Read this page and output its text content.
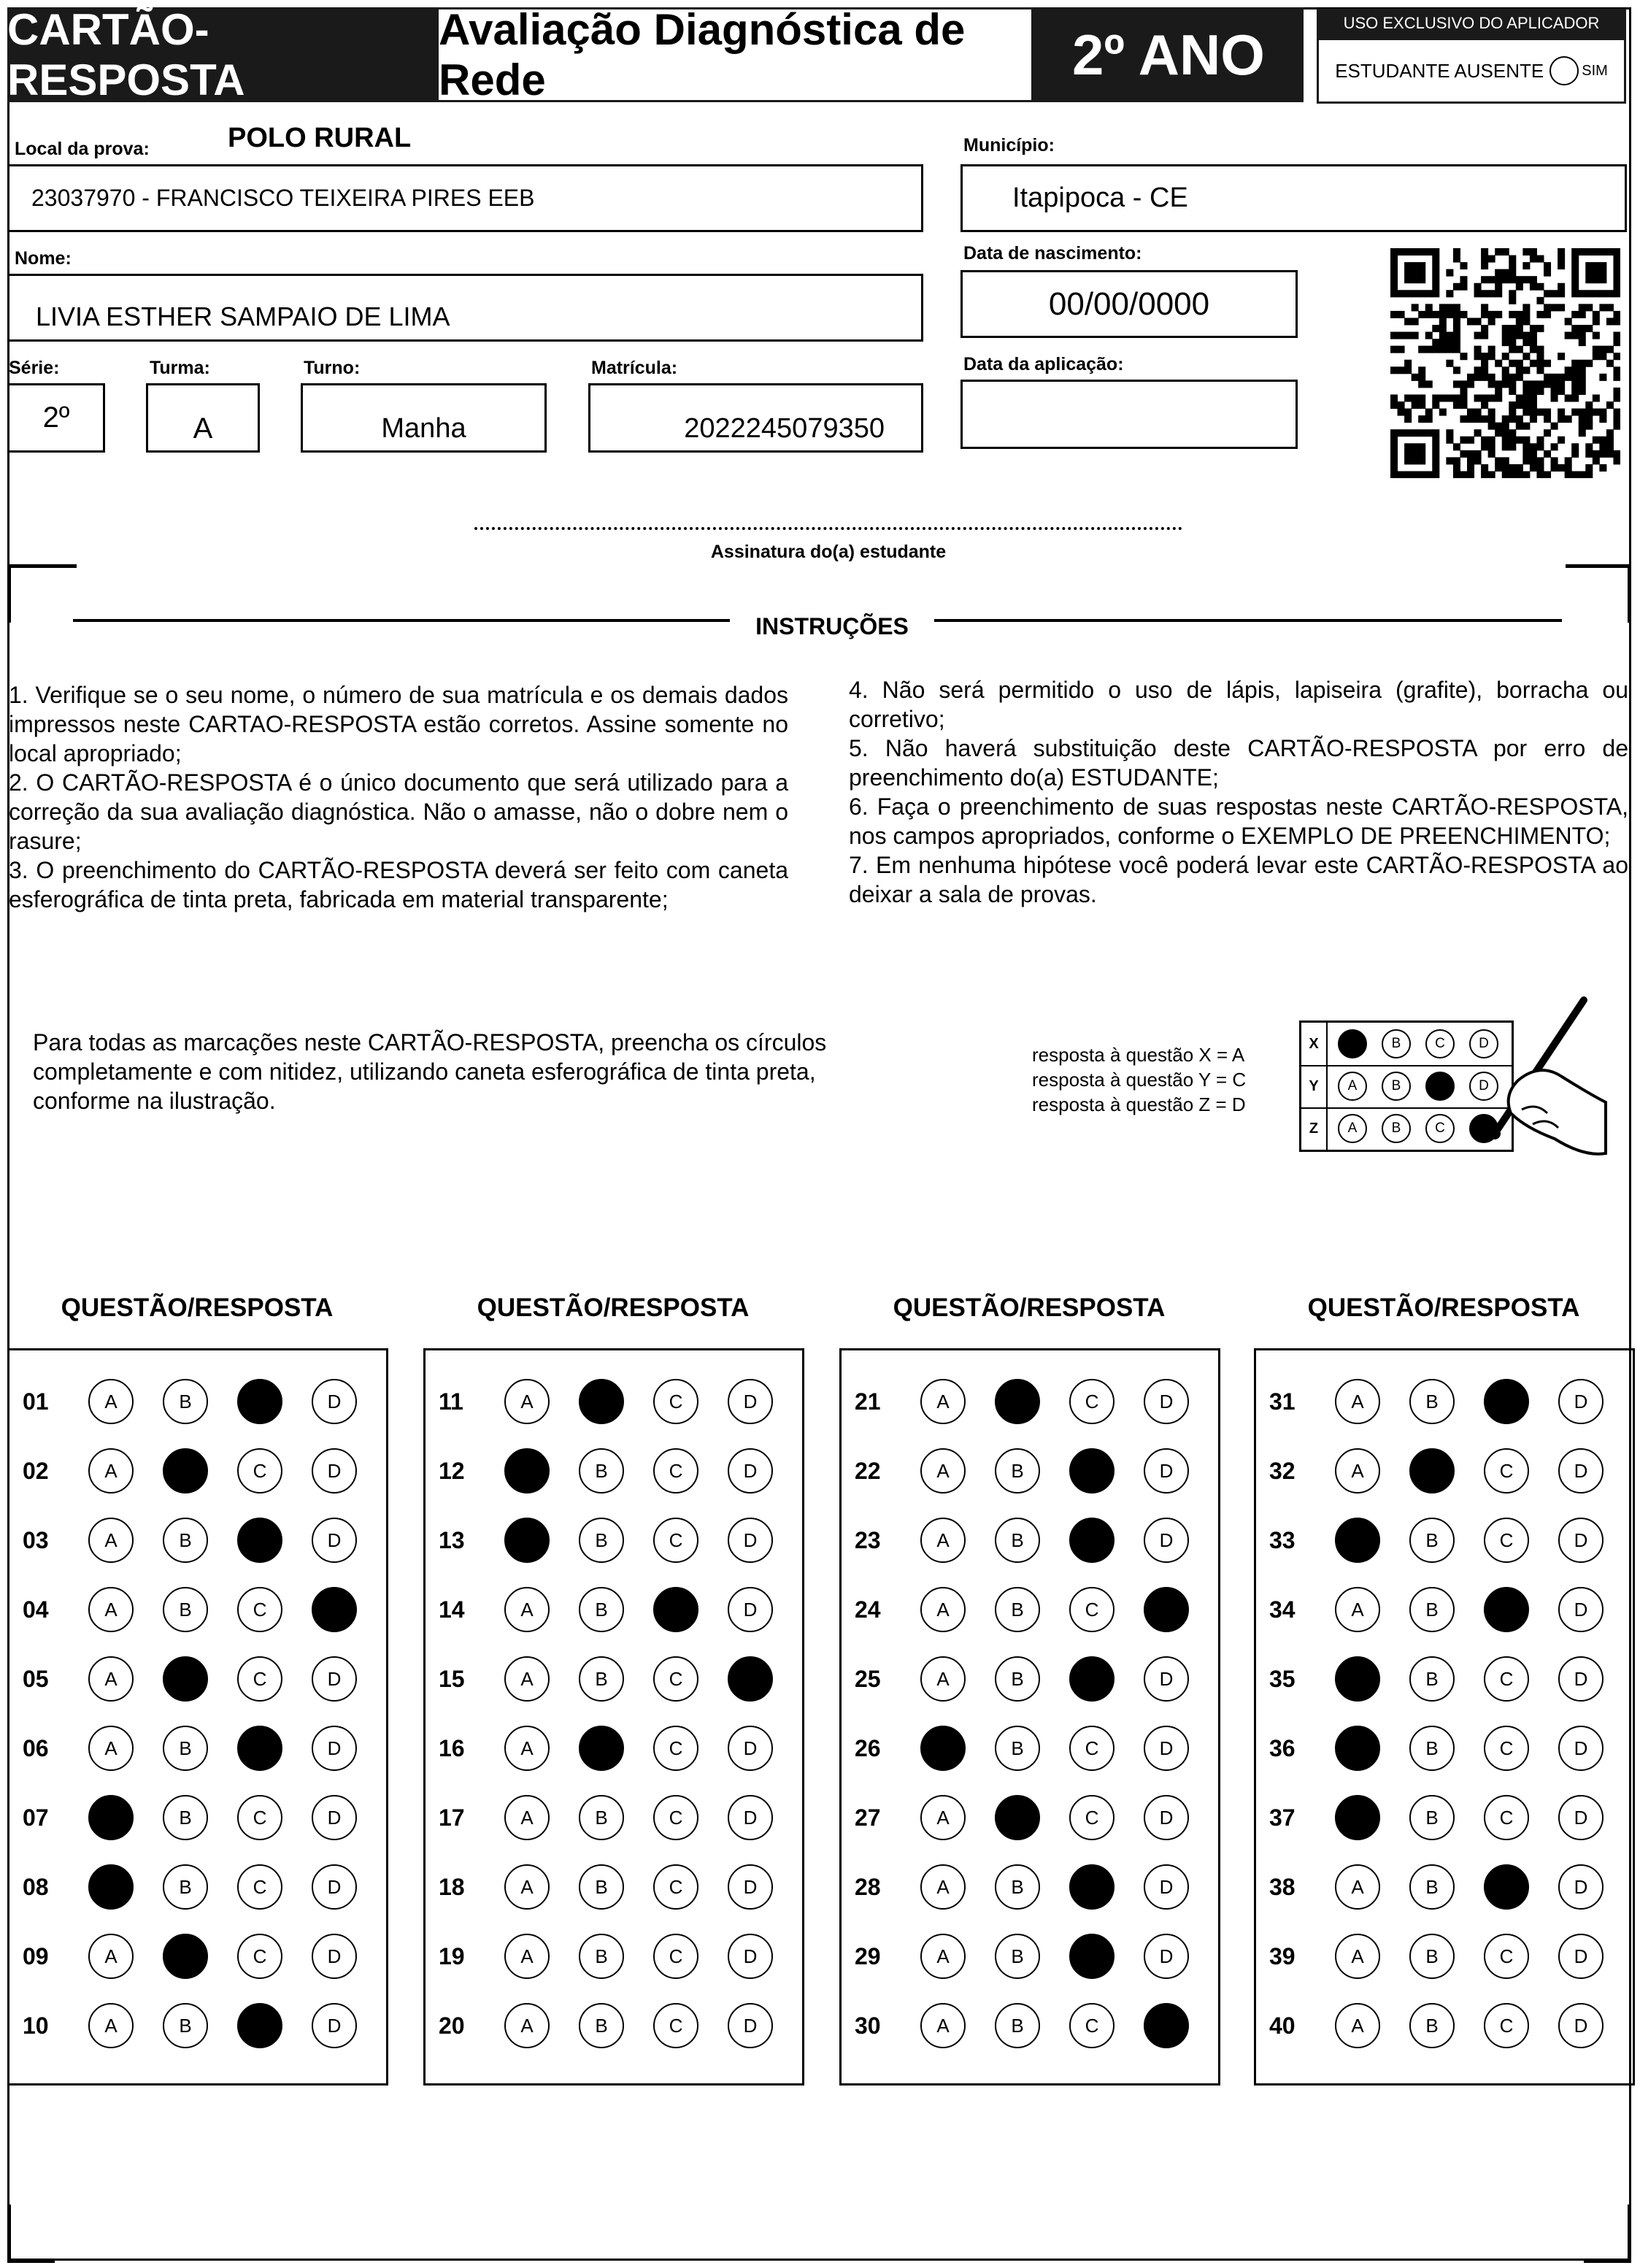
CARTÃO-RESPOSTA
Avaliação Diagnóstica de Rede	2º ANO	USO EXCLUSIVO DO APLICADOR
ESTUDANTE AUSENTE	SIM
Local da prova:	POLO RURAL
23037970 - FRANCISCO TEIXEIRA PIRES EEB
Município:
Itapipoca - CE
Nome:
LIVIA ESTHER SAMPAIO DE LIMA
Data de nascimento:
00/00/0000
Série:
2º
Turma:
A
Turno:
Manha
Matrícula:
2022245079350
Data da aplicação:
Assinatura do(a) estudante
INSTRUÇÕES
1. Verifique se o seu nome, o número de sua matrícula e os demais dados impressos neste CARTAO-RESPOSTA estão corretos. Assine somente no local apropriado;
2. O CARTÃO-RESPOSTA é o único documento que será utilizado para a correção da sua avaliação diagnóstica. Não o amasse, não o dobre nem o rasure;
3. O preenchimento do CARTÃO-RESPOSTA deverá ser feito com caneta esferográfica de tinta preta, fabricada em material transparente;
4. Não será permitido o uso de lápis, lapiseira (grafite), borracha ou corretivo;
5. Não haverá substituição deste CARTÃO-RESPOSTA por erro de preenchimento do(a) ESTUDANTE;
6. Faça o preenchimento de suas respostas neste CARTÃO-RESPOSTA, nos campos apropriados, conforme o EXEMPLO DE PREENCHIMENTO;
7. Em nenhuma hipótese você poderá levar este CARTÃO-RESPOSTA ao deixar a sala de provas.
Para todas as marcações neste CARTÃO-RESPOSTA, preencha os círculos completamente e com nitidez, utilizando caneta esferográfica de tinta preta, conforme na ilustração.
resposta à questão X = A
resposta à questão Y = C
resposta à questão Z = D
X	A	B	C	D
Y	A	B	C	D
Z	A	B	C	D
QUESTÃO/RESPOSTA
01	A	B	C	D
02	A	B	C	D
03	A	B	C	D
04	A	B	C	D
05	A	B	C	D
06	A	B	C	D
07	A	B	C	D
08	A	B	C	D
09	A	B	C	D
10	A	B	C	D
QUESTÃO/RESPOSTA
11	A	B	C	D
12	A	B	C	D
13	A	B	C	D
14	A	B	C	D
15	A	B	C	D
16	A	B	C	D
17	A	B	C	D
18	A	B	C	D
19	A	B	C	D
20	A	B	C	D
QUESTÃO/RESPOSTA
21	A	B	C	D
22	A	B	C	D
23	A	B	C	D
24	A	B	C	D
25	A	B	C	D
26	A	B	C	D
27	A	B	C	D
28	A	B	C	D
29	A	B	C	D
30	A	B	C	D
QUESTÃO/RESPOSTA
31	A	B	C	D
32	A	B	C	D
33	A	B	C	D
34	A	B	C	D
35	A	B	C	D
36	A	B	C	D
37	A	B	C	D
38	A	B	C	D
39	A	B	C	D
40	A	B	C	D
